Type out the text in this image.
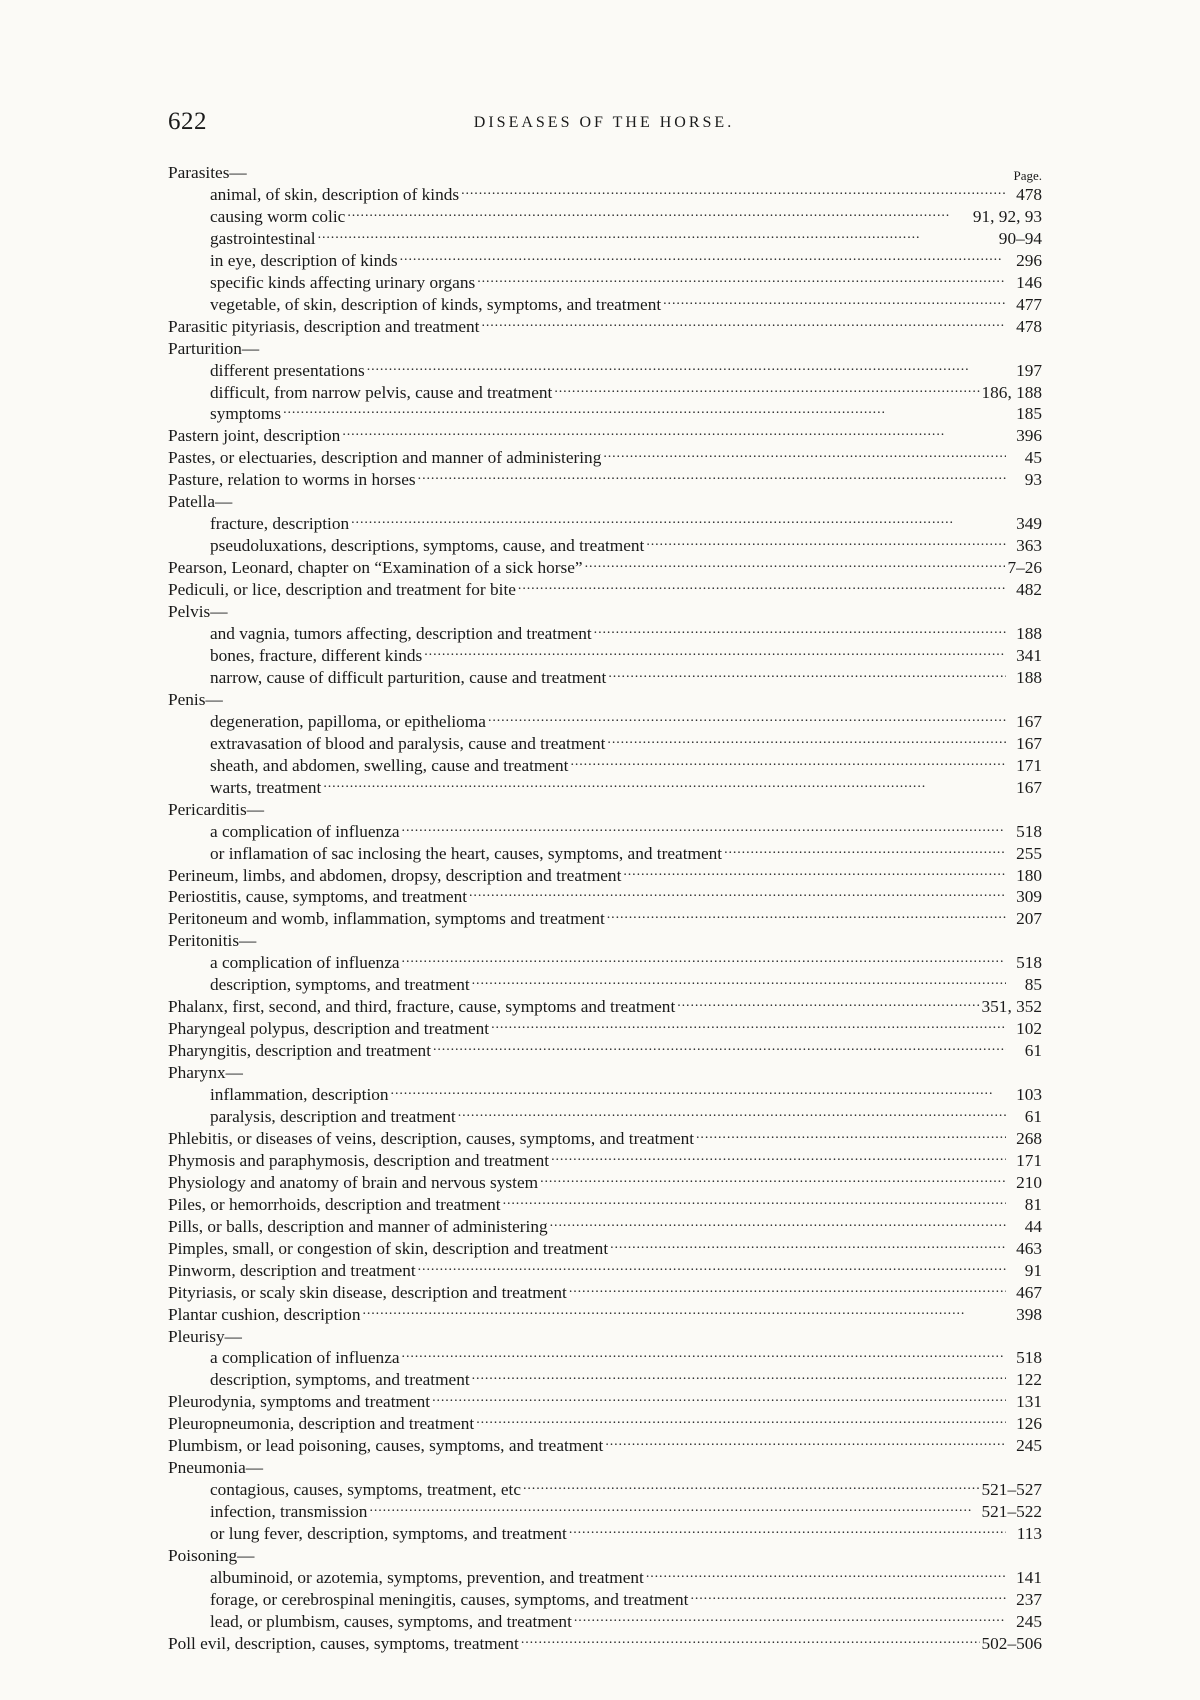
622	DISEASES OF THE HORSE.
Parasites—	Page.
animal, of skin, description of kinds . . .	478
causing worm colic . . .	91, 92, 93
gastrointestinal . . .	90–94
in eye, description of kinds . . .	296
specific kinds affecting urinary organs . . .	146
vegetable, of skin, description of kinds, symptoms, and treatment . . .	477
Parasitic pityriasis, description and treatment . . .	478
Parturition—
different presentations . . .	197
difficult, from narrow pelvis, cause and treatment . . .	186, 188
symptoms . . .	185
Pastern joint, description . . .	396
Pastes, or electuaries, description and manner of administering . . .	45
Pasture, relation to worms in horses . . .	93
Patella—
fracture, description . . .	349
pseudoluxations, descriptions, symptoms, cause, and treatment . . .	363
Pearson, Leonard, chapter on “Examination of a sick horse” . . .	7–26
Pediculi, or lice, description and treatment for bite . . .	482
Pelvis—
and vagnia, tumors affecting, description and treatment . . .	188
bones, fracture, different kinds . . .	341
narrow, cause of difficult parturition, cause and treatment . . .	188
Penis—
degeneration, papilloma, or epithelioma . . .	167
extravasation of blood and paralysis, cause and treatment . . .	167
sheath, and abdomen, swelling, cause and treatment . . .	171
warts, treatment . . .	167
Pericarditis—
a complication of influenza . . .	518
or inflamation of sac inclosing the heart, causes, symptoms, and treatment . . .	255
Perineum, limbs, and abdomen, dropsy, description and treatment . . .	180
Periostitis, cause, symptoms, and treatment . . .	309
Peritoneum and womb, inflammation, symptoms and treatment . . .	207
Peritonitis—
a complication of influenza . . .	518
description, symptoms, and treatment . . .	85
Phalanx, first, second, and third, fracture, cause, symptoms and treatment . . .	351, 352
Pharyngeal polypus, description and treatment . . .	102
Pharyngitis, description and treatment . . .	61
Pharynx—
inflammation, description . . .	103
paralysis, description and treatment . . .	61
Phlebitis, or diseases of veins, description, causes, symptoms, and treatment . . .	268
Phymosis and paraphymosis, description and treatment . . .	171
Physiology and anatomy of brain and nervous system . . .	210
Piles, or hemorrhoids, description and treatment . . .	81
Pills, or balls, description and manner of administering . . .	44
Pimples, small, or congestion of skin, description and treatment . . .	463
Pinworm, description and treatment . . .	91
Pityriasis, or scaly skin disease, description and treatment . . .	467
Plantar cushion, description . . .	398
Pleurisy—
a complication of influenza . . .	518
description, symptoms, and treatment . . .	122
Pleurodynia, symptoms and treatment . . .	131
Pleuropneumonia, description and treatment . . .	126
Plumbism, or lead poisoning, causes, symptoms, and treatment . . .	245
Pneumonia—
contagious, causes, symptoms, treatment, etc . . .	521–527
infection, transmission . . .	521–522
or lung fever, description, symptoms, and treatment . . .	113
Poisoning—
albuminoid, or azotemia, symptoms, prevention, and treatment . . .	141
forage, or cerebrospinal meningitis, causes, symptoms, and treatment . . .	237
lead, or plumbism, causes, symptoms, and treatment . . .	245
Poll evil, description, causes, symptoms, treatment . . .	502–506
